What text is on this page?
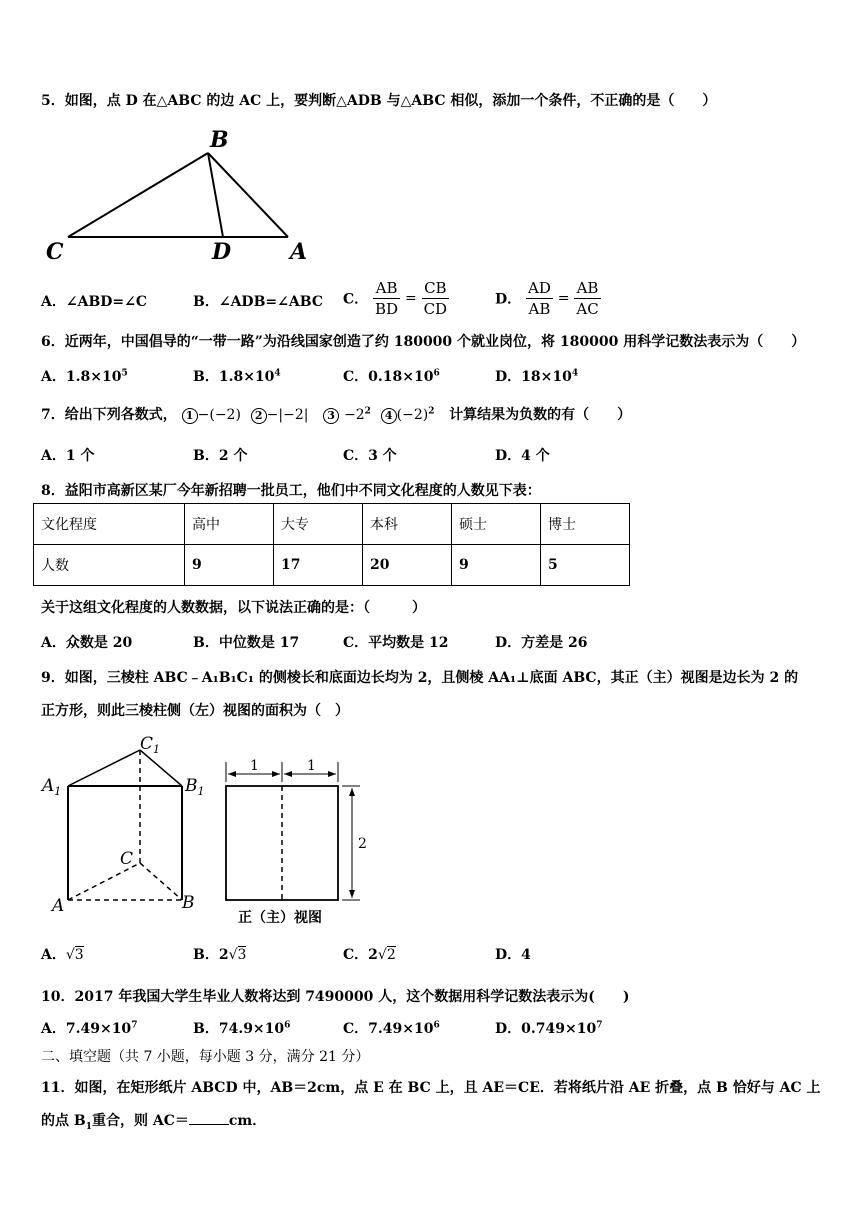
5．如图，点 D 在△ABC 的边 AC 上，要判断△ADB 与△ABC 相似，添加一个条件，不正确的是（　　）
B
C	D	A
A．∠ABD=∠C	B．∠ADB=∠ABC C． $\frac{AB}{BD} = \frac{CB}{CD}$	D． $\frac{AD}{AB} = \frac{AB}{AC}$
6．近两年，中国倡导的“一带一路”为沿线国家创造了约 180000 个就业岗位，将 180000 用科学记数法表示为（　　）
A．$1.8\times 10^5$	B．$1.8\times 10^4$	C．$0.18\times 10^6$	D．$18\times 10^4$
7．给出下列各数式， 1 −(−2) 2 −|−2| $3 -2^2$ 4 $(-2)^2$ 计算结果为负数的有（　　）
A．1 个	B．2 个	C．3 个	D．4 个
8．益阳市高新区某厂今年新招聘一批员工，他们中不同文化程度的人数见下表：
文化程度	高中	大专	本科	硕士	博士
人数	9	17	20	9	5
关于这组文化程度的人数数据，以下说法正确的是：（　　　）
A．众数是 20	B．中位数是 17	C．平均数是 12	D．方差是 26
9．如图，三棱柱 ABC﹣A₁B₁C₁ 的侧棱长和底面边长均为 2，且侧棱 AA₁⊥底面 ABC，其正（主）视图是边长为 2 的
正方形，则此三棱柱侧（左）视图的面积为（　）
$C_1$
$A_1$	$B_1$
C
A	B
1	1
2
正（主）视图
A．√3	B．2√3	C．2√2	D．4
10．2017 年我国大学生毕业人数将达到 7490000 人，这个数据用科学记数法表示为(　　)
A．$7.49\times 10^7$	B．$74.9\times 10^6$	C．$7.49\times 10^6$	D．$0.749\times 10^7$
二、填空题（共 7 小题，每小题 3 分，满分 21 分）
11．如图，在矩形纸片 ABCD 中，AB＝2cm，点 E 在 BC 上，且 AE＝CE．若将纸片沿 AE 折叠，点 B 恰好与 AC 上
的点 $B_1$重合，则 AC＝	cm．
